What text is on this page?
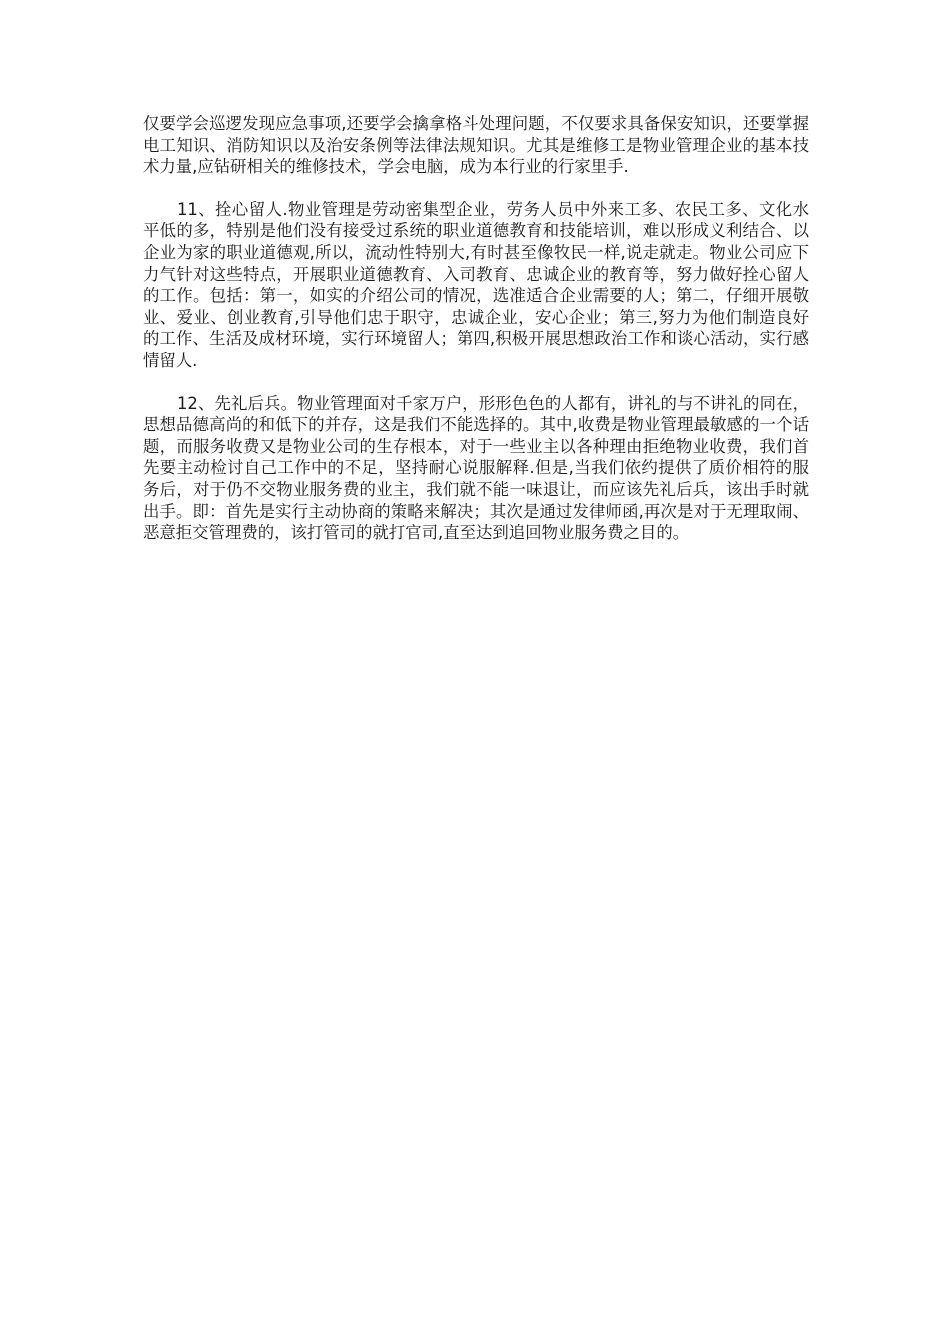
仅要学会巡逻发现应急事项,还要学会擒拿格斗处理问题，不仅要求具备保安知识，还要掌握电工知识、消防知识以及治安条例等法律法规知识。尤其是维修工是物业管理企业的基本技术力量,应钻研相关的维修技术，学会电脑，成为本行业的行家里手.

11、拴心留人.物业管理是劳动密集型企业，劳务人员中外来工多、农民工多、文化水平低的多，特别是他们没有接受过系统的职业道德教育和技能培训，难以形成义利结合、以企业为家的职业道德观,所以，流动性特别大,有时甚至像牧民一样,说走就走。物业公司应下力气针对这些特点，开展职业道德教育、入司教育、忠诚企业的教育等，努力做好拴心留人的工作。包括：第一，如实的介绍公司的情况，选准适合企业需要的人；第二，仔细开展敬业、爱业、创业教育,引导他们忠于职守，忠诚企业，安心企业；第三,努力为他们制造良好的工作、生活及成材环境，实行环境留人；第四,积极开展思想政治工作和谈心活动，实行感情留人.

12、先礼后兵。物业管理面对千家万户，形形色色的人都有，讲礼的与不讲礼的同在，思想品德高尚的和低下的并存，这是我们不能选择的。其中,收费是物业管理最敏感的一个话题，而服务收费又是物业公司的生存根本，对于一些业主以各种理由拒绝物业收费，我们首先要主动检讨自己工作中的不足，坚持耐心说服解释.但是,当我们依约提供了质价相符的服务后，对于仍不交物业服务费的业主，我们就不能一味退让，而应该先礼后兵，该出手时就出手。即：首先是实行主动协商的策略来解决；其次是通过发律师函,再次是对于无理取闹、恶意拒交管理费的，该打管司的就打官司,直至达到追回物业服务费之目的。
